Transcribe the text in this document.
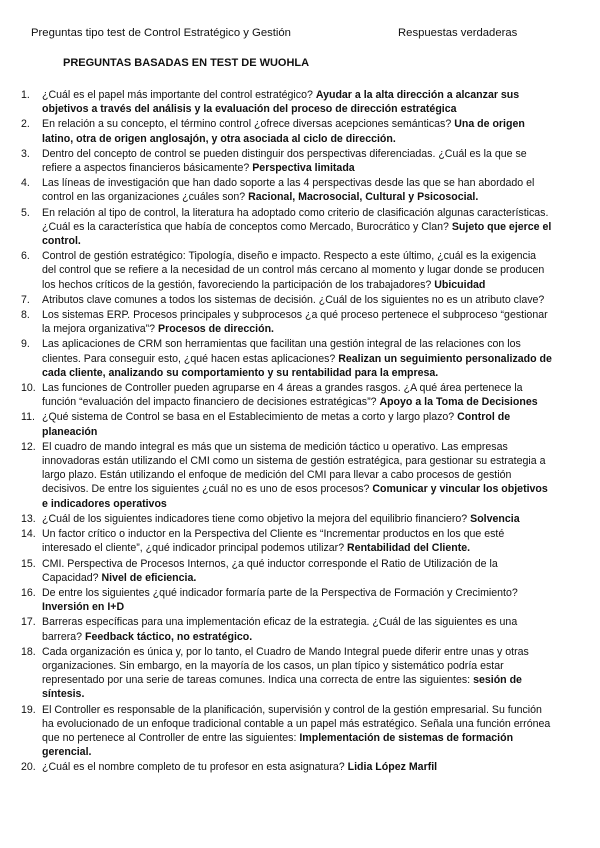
Preguntas tipo test de Control Estratégico y Gestión	Respuestas verdaderas
PREGUNTAS BASADAS EN TEST DE WUOHLA
1. ¿Cuál es el papel más importante del control estratégico? Ayudar a la alta dirección a alcanzar sus objetivos a través del análisis y la evaluación del proceso de dirección estratégica
2. En relación a su concepto, el término control ¿ofrece diversas acepciones semánticas? Una de origen latino, otra de origen anglosajón, y otra asociada al ciclo de dirección.
3. Dentro del concepto de control se pueden distinguir dos perspectivas diferenciadas. ¿Cuál es la que se refiere a aspectos financieros básicamente? Perspectiva limitada
4. Las líneas de investigación que han dado soporte a las 4 perspectivas desde las que se han abordado el control en las organizaciones ¿cuáles son? Racional, Macrosocial, Cultural y Psicosocial.
5. En relación al tipo de control, la literatura ha adoptado como criterio de clasificación algunas características. ¿Cuál es la característica que había de conceptos como Mercado, Burocrático y Clan? Sujeto que ejerce el control.
6. Control de gestión estratégico: Tipología, diseño e impacto. Respecto a este último, ¿cuál es la exigencia del control que se refiere a la necesidad de un control más cercano al momento y lugar donde se producen los hechos críticos de la gestión, favoreciendo la participación de los trabajadores? Ubicuidad
7. Atributos clave comunes a todos los sistemas de decisión. ¿Cuál de los siguientes no es un atributo clave?
8. Los sistemas ERP. Procesos principales y subprocesos ¿a qué proceso pertenece el subproceso “gestionar la mejora organizativa”? Procesos de dirección.
9. Las aplicaciones de CRM son herramientas que facilitan una gestión integral de las relaciones con los clientes. Para conseguir esto, ¿qué hacen estas aplicaciones? Realizan un seguimiento personalizado de cada cliente, analizando su comportamiento y su rentabilidad para la empresa.
10. Las funciones de Controller pueden agruparse en 4 áreas a grandes rasgos. ¿A qué área pertenece la función “evaluación del impacto financiero de decisiones estratégicas”? Apoyo a la Toma de Decisiones
11. ¿Qué sistema de Control se basa en el Establecimiento de metas a corto y largo plazo? Control de planeación
12. El cuadro de mando integral es más que un sistema de medición táctico u operativo. Las empresas innovadoras están utilizando el CMI como un sistema de gestión estratégica, para gestionar su estrategia a largo plazo. Están utilizando el enfoque de medición del CMI para llevar a cabo procesos de gestión decisivos. De entre los siguientes ¿cuál no es uno de esos procesos? Comunicar y vincular los objetivos e indicadores operativos
13. ¿Cuál de los siguientes indicadores tiene como objetivo la mejora del equilibrio financiero? Solvencia
14. Un factor crítico o inductor en la Perspectiva del Cliente es “Incrementar productos en los que esté interesado el cliente”, ¿qué indicador principal podemos utilizar? Rentabilidad del Cliente.
15. CMI. Perspectiva de Procesos Internos, ¿a qué inductor corresponde el Ratio de Utilización de la Capacidad? Nivel de eficiencia.
16. De entre los siguientes ¿qué indicador formaría parte de la Perspectiva de Formación y Crecimiento? Inversión en I+D
17. Barreras específicas para una implementación eficaz de la estrategia. ¿Cuál de las siguientes es una barrera? Feedback táctico, no estratégico.
18. Cada organización es única y, por lo tanto, el Cuadro de Mando Integral puede diferir entre unas y otras organizaciones. Sin embargo, en la mayoría de los casos, un plan típico y sistemático podría estar representado por una serie de tareas comunes. Indica una correcta de entre las siguientes: sesión de síntesis.
19. El Controller es responsable de la planificación, supervisión y control de la gestión empresarial. Su función ha evolucionado de un enfoque tradicional contable a un papel más estratégico. Señala una función errónea que no pertenece al Controller de entre las siguientes: Implementación de sistemas de formación gerencial.
20. ¿Cuál es el nombre completo de tu profesor en esta asignatura? Lidia López Marfil
